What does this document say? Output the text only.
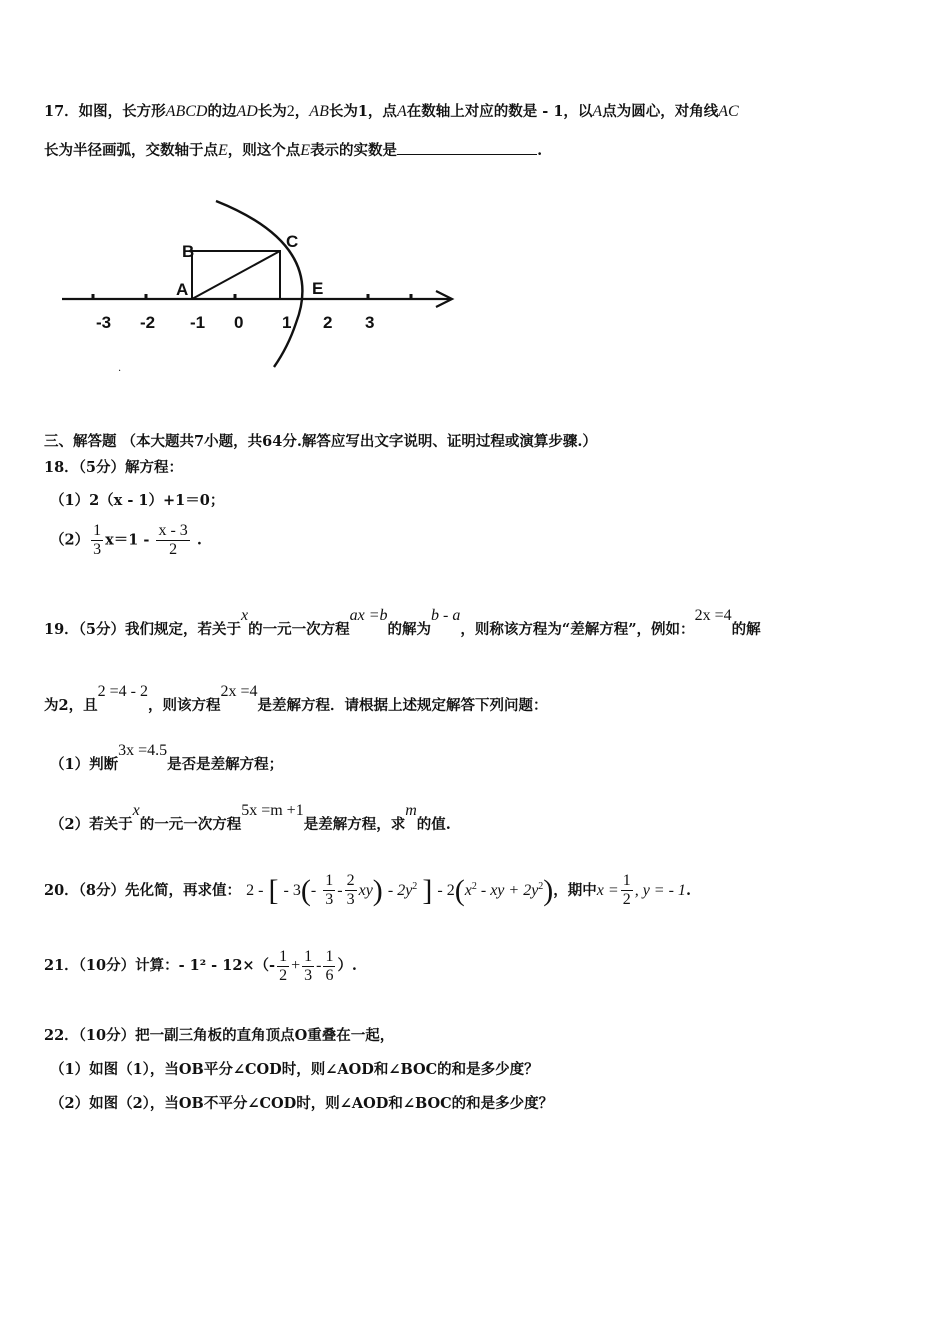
17．如图，长方形ABCD的边AD长为2，AB长为1，点A在数轴上对应的数是 - 1，以A点为圆心，对角线AC
长为半径画弧，交数轴于点E，则这个点E表示的实数是	.
B
C
A	E
-3 -2 -1 0 1 2 3
.
三、解答题 （本大题共7小题，共64分.解答应写出文字说明、证明过程或演算步骤.）
18．（5分）解方程：
（1）2（x - 1）+1＝0；
$(2) \frac{1}{3} x=1 - \frac{x - 3}{2}$ .
19．（5分）我们规定，若关于x的一元一次方程ax =b的解为b - a，则称该方程为“差解方程”，例如：2x =4的解
为2，且2 =4 - 2，则该方程2x =4是差解方程．请根据上述规定解答下列问题：
（1）判断3x =4.5是否是差解方程；
（2）若关于x的一元一次方程5x =m +1是差解方程，求m的值.
20．（8分）先化简，再求值： 2 - [ - $3(- \frac{1}{3} - \frac{2}{3} xy) - 2y^2$ ] - $2(x^2$ - xy + $2y^2$)，期中$x = \frac{1}{2}$ , y = - 1.
21．（10分）计算：- $1^2 - 12\times(- \frac{1}{2} + \frac{1}{3} - \frac{1}{6}$ ）.
22．（10分）把一副三角板的直角顶点O重叠在一起，
（1）如图（1），当OB平分∠COD时，则∠AOD和∠BOC的和是多少度？
（2）如图（2），当OB不平分∠COD时，则∠AOD和∠BOC的和是多少度？
